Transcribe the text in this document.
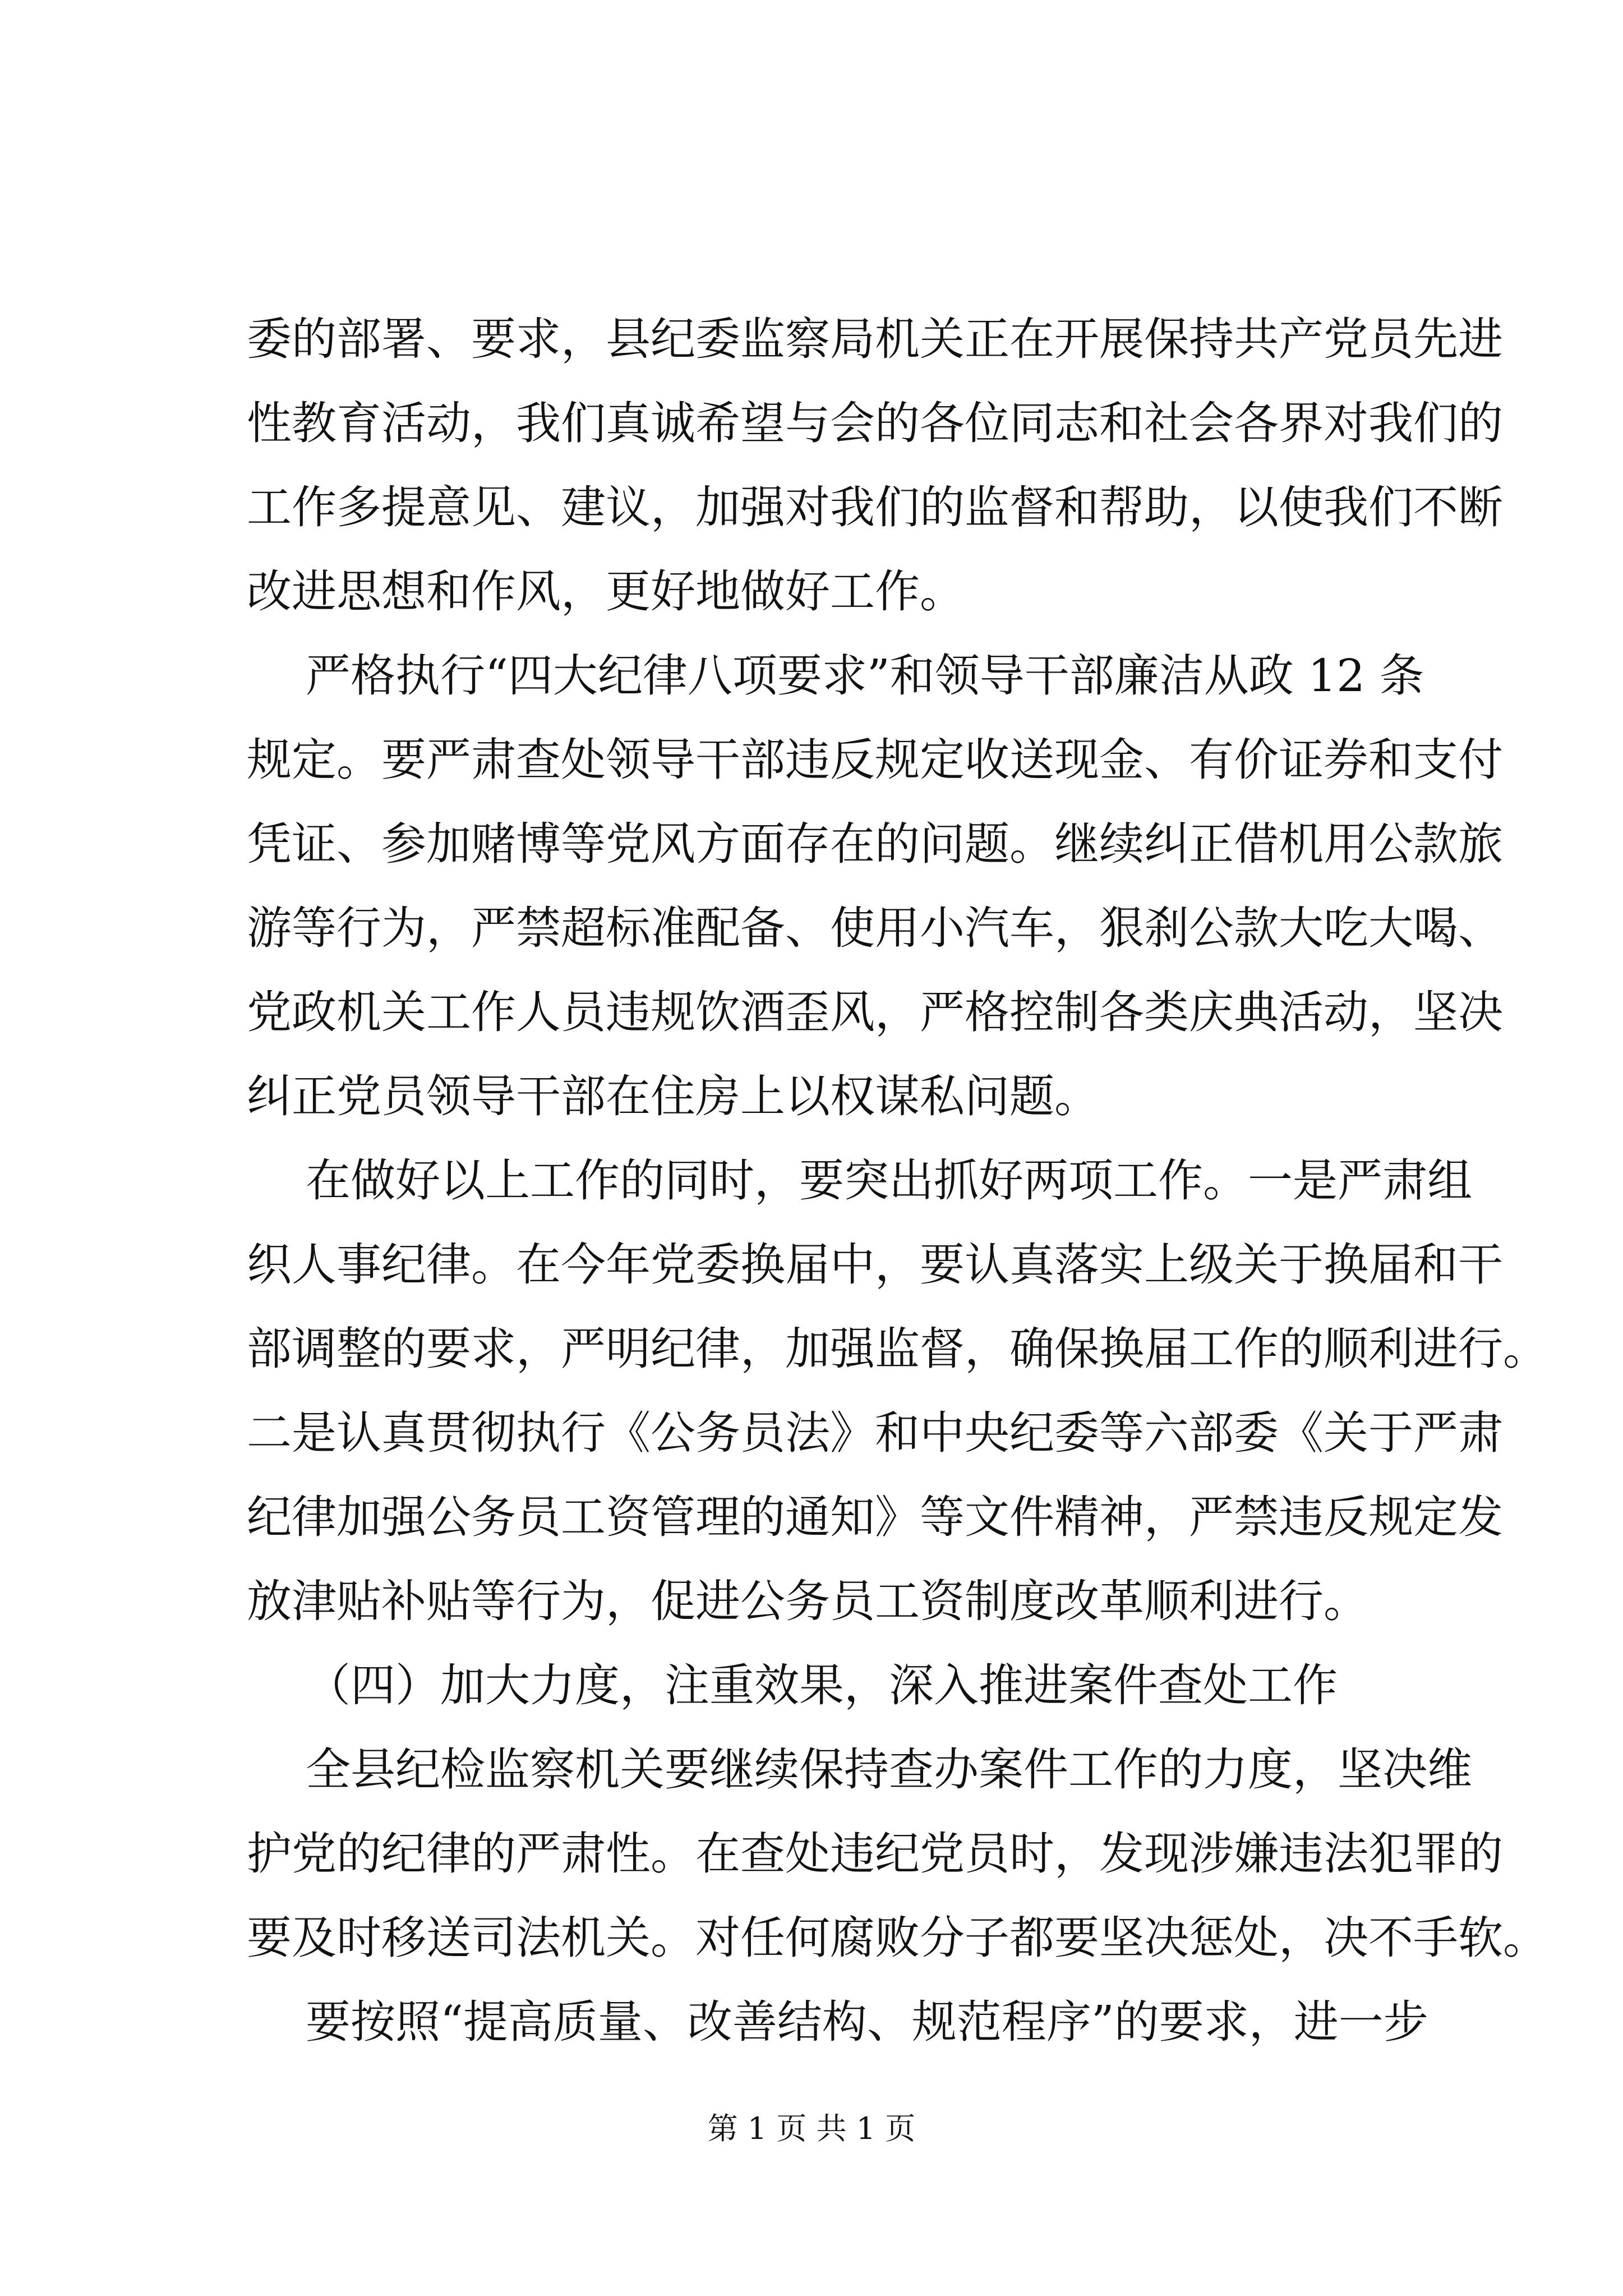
委的部署、要求，县纪委监察局机关正在开展保持共产党员先进
性教育活动，我们真诚希望与会的各位同志和社会各界对我们的
工作多提意见、建议，加强对我们的监督和帮助，以使我们不断
改进思想和作风，更好地做好工作。
严格执行“四大纪律八项要求”和领导干部廉洁从政 12 条
规定。要严肃查处领导干部违反规定收送现金、有价证券和支付
凭证、参加赌博等党风方面存在的问题。继续纠正借机用公款旅
游等行为，严禁超标准配备、使用小汽车，狠刹公款大吃大喝、
党政机关工作人员违规饮酒歪风，严格控制各类庆典活动，坚决
纠正党员领导干部在住房上以权谋私问题。
在做好以上工作的同时，要突出抓好两项工作。一是严肃组
织人事纪律。在今年党委换届中，要认真落实上级关于换届和干
部调整的要求，严明纪律，加强监督，确保换届工作的顺利进行。
二是认真贯彻执行《公务员法》和中央纪委等六部委《关于严肃
纪律加强公务员工资管理的通知》等文件精神，严禁违反规定发
放津贴补贴等行为，促进公务员工资制度改革顺利进行。
（四）加大力度，注重效果，深入推进案件查处工作
全县纪检监察机关要继续保持查办案件工作的力度，坚决维
护党的纪律的严肃性。在查处违纪党员时，发现涉嫌违法犯罪的
要及时移送司法机关。对任何腐败分子都要坚决惩处，决不手软。
要按照“提高质量、改善结构、规范程序”的要求，进一步
第 1 页 共 1 页
